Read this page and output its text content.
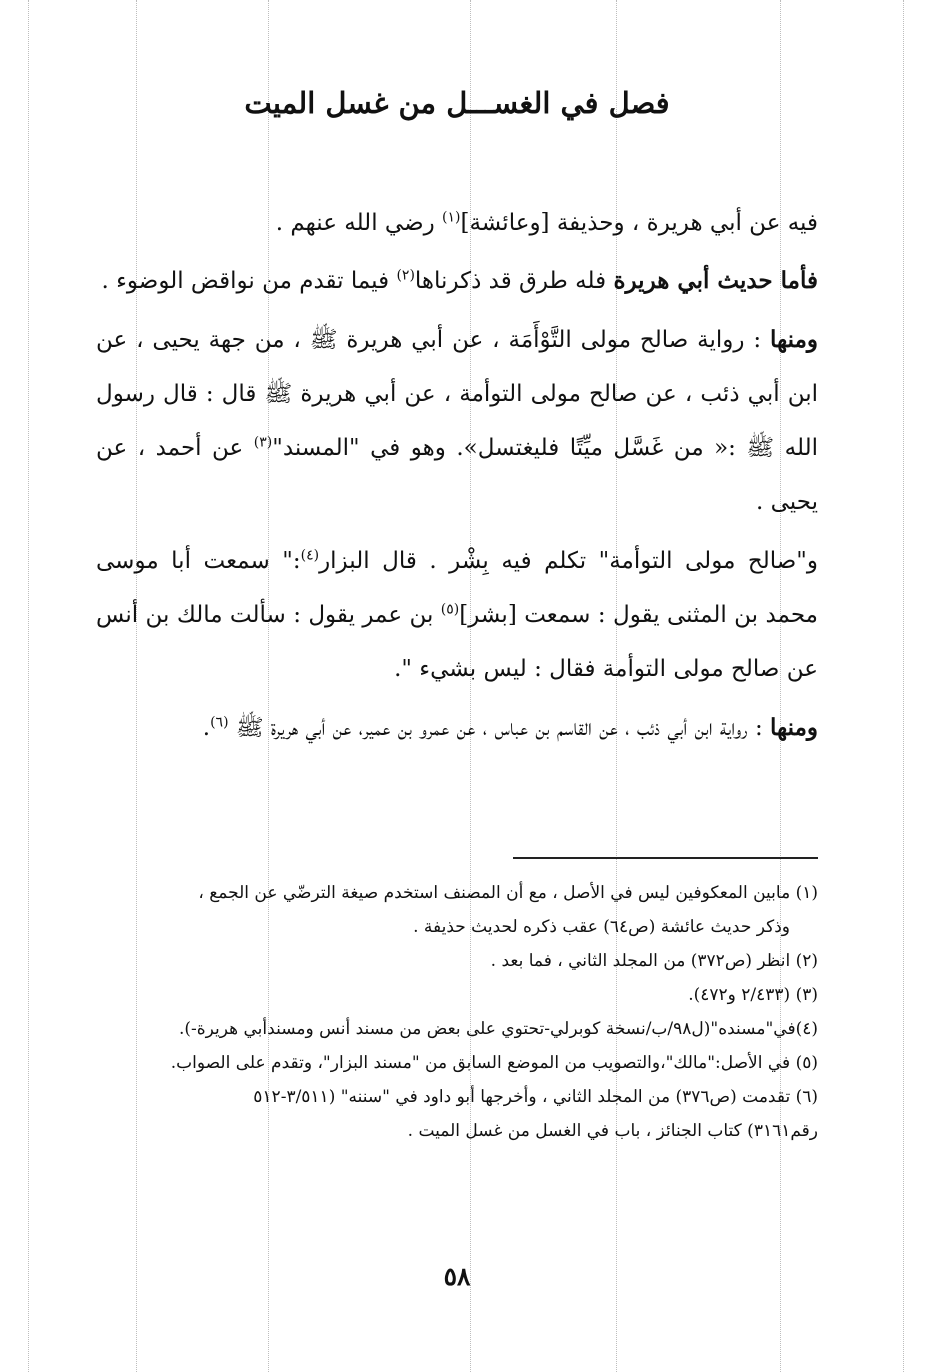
فصل في الغســـل من غسل الميت

فيه عن أبي هريرة ، وحذيفة [وعائشة]$^{(١)}$ رضي الله عنهم .

فأما حديث أبي هريرة فله طرق قد ذكرناها$^{(٢)}$ فيما تقدم من نواقض الوضوء .

ومنها : رواية صالح مولى التَّوْأَمَة ، عن أبي هريرة ﷺ ، من جهة يحيى ، عن ابن أبي ذئب ، عن صالح مولى التوأمة ، عن أبي هريرة ﷺ قال : قال رسول الله ﷺ :« من غَسَّل ميِّتًا فليغتسل». وهو في "المسند"$^{(٣)}$ عن أحمد ، عن يحيى .

و"صالح مولى التوأمة" تكلم فيه بِشْر . قال البزار$^{(٤)}$:" سمعت أبا موسى محمد بن المثنى يقول : سمعت [بشر]$^{(٥)}$ بن عمر يقول : سألت مالك بن أنس عن صالح مولى التوأمة فقال : ليس بشيء ".

ومنها : رواية ابن أبي ذئب ، عن القاسم بن عباس ، عن عمرو بن عمير، عن أبي هريرة ﷺ $^{(٦)}$.

(١) مابين المعكوفين ليس في الأصل ، مع أن المصنف استخدم صيغة الترضّي عن الجمع ،

وذكر حديث عائشة (ص٦٤) عقب ذكره لحديث حذيفة .

(٢) انظر (ص٣٧٢) من المجلد الثاني ، فما بعد .

(٣) (٢/٤٣٣ و٤٧٢).

(٤)في"مسنده"(ل٩٨/ب/نسخة كوبرلي-تحتوي على بعض من مسند أنس ومسندأبي هريرة-).

(٥) في الأصل:"مالك"،والتصويب من الموضع السابق من "مسند البزار"، وتقدم على الصواب.

(٦) تقدمت (ص٣٧٦) من المجلد الثاني ، وأخرجها أبو داود في "سننه" (٣/٥١١-٥١٢

رقم٣١٦١) كتاب الجنائز ، باب في الغسل من غسل الميت .

٥٨
